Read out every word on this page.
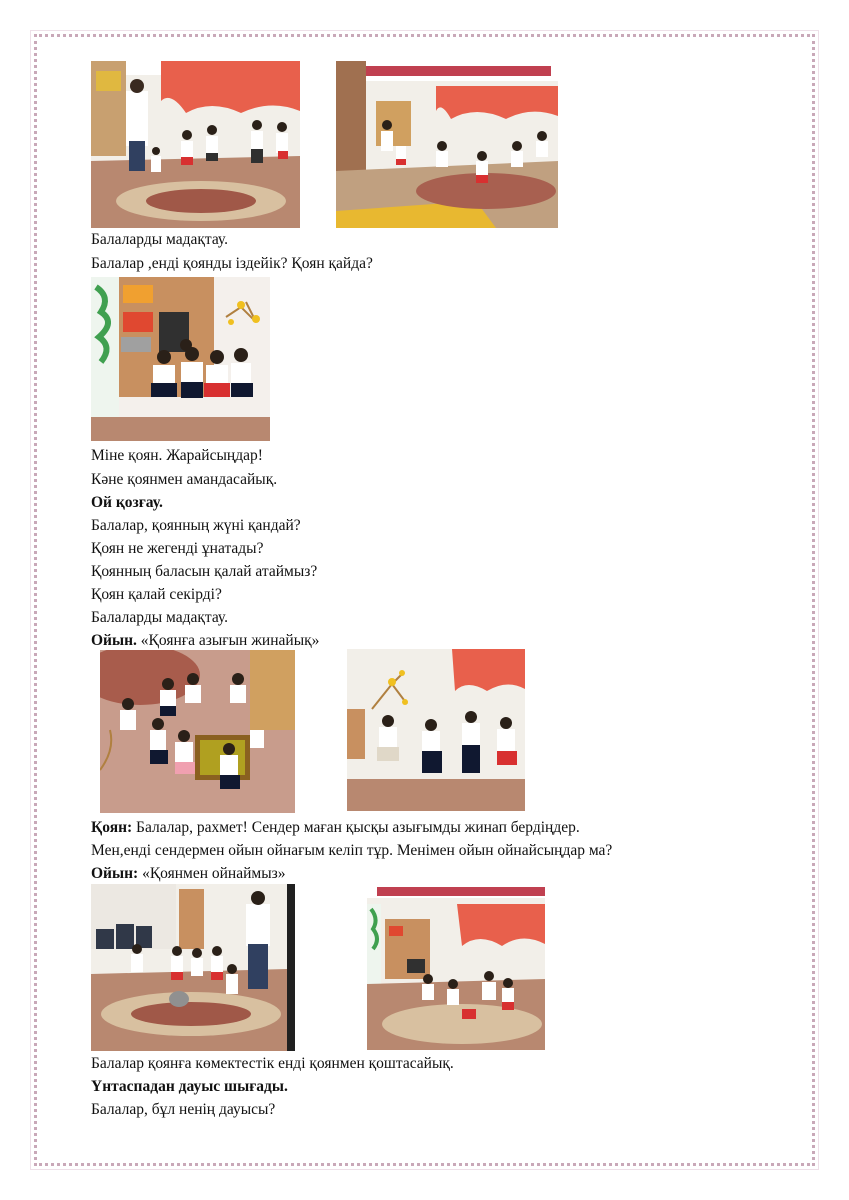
Балаларды мадақтау.
Балалар ,енді қоянды іздейік? Қоян қайда?
Міне қоян. Жарайсыңдар!
Кәне қоянмен амандасайық.
Ой қозғау.
Балалар, қоянның жүні қандай?
Қоян не жегенді ұнатады?
Қоянның баласын қалай атаймыз?
Қоян қалай секірді?
Балаларды мадақтау.
Ойын. «Қоянға азығын жинайық»
Қоян: Балалар, рахмет! Сендер маған қысқы азығымды жинап бердіңдер.
Мен,енді сендермен ойын ойнағым келіп тұр. Менімен ойын ойнайсыңдар ма?
Ойын: «Қоянмен ойнаймыз»
Балалар қоянға көмектестік енді қоянмен қоштасайық.
Үнтаспадан дауыс шығады.
Балалар, бұл ненің дауысы?
